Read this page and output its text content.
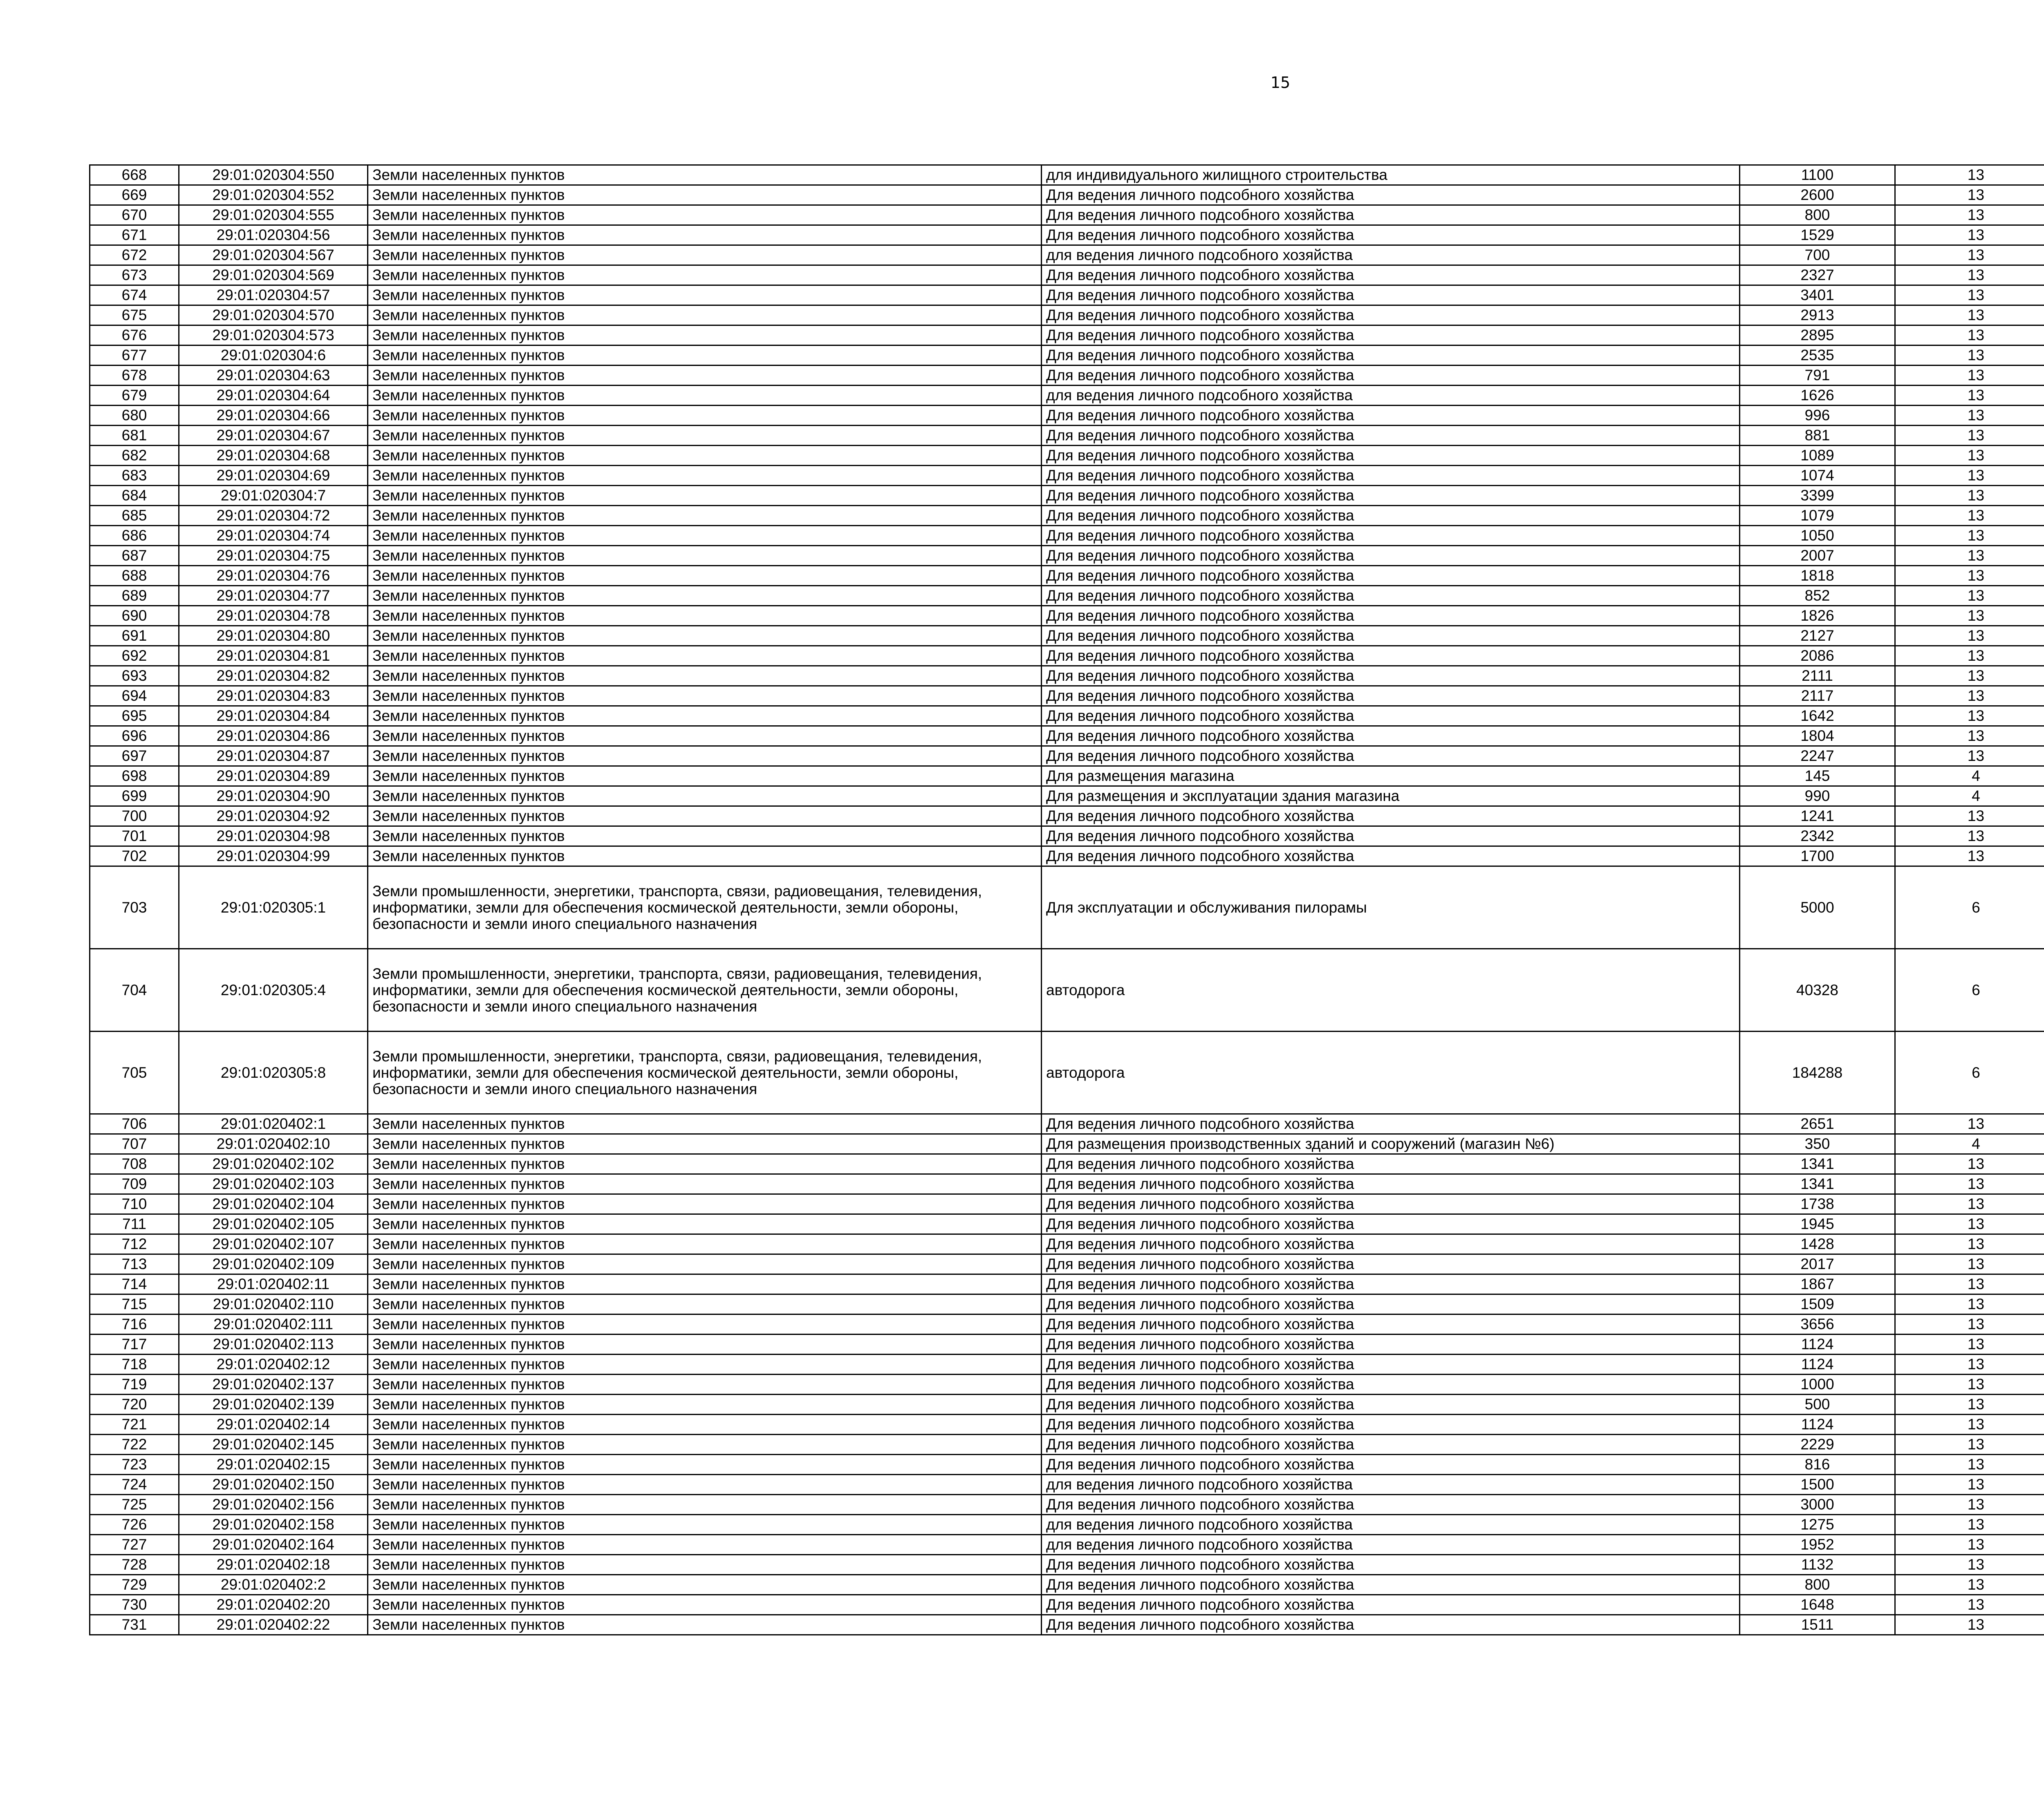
15
668	29:01:020304:550	Земли населенных пунктов	для индивидуального жилищного строительства	1100	13		
669	29:01:020304:552	Земли населенных пунктов	Для ведения личного подсобного хозяйства	2600	13		
670	29:01:020304:555	Земли населенных пунктов	Для ведения личного подсобного хозяйства	800	13		
671	29:01:020304:56	Земли населенных пунктов	Для ведения личного подсобного хозяйства	1529	13		
672	29:01:020304:567	Земли населенных пунктов	для ведения личного подсобного хозяйства	700	13		
673	29:01:020304:569	Земли населенных пунктов	Для ведения личного подсобного хозяйства	2327	13		
674	29:01:020304:57	Земли населенных пунктов	Для ведения личного подсобного хозяйства	3401	13		
675	29:01:020304:570	Земли населенных пунктов	Для ведения личного подсобного хозяйства	2913	13		
676	29:01:020304:573	Земли населенных пунктов	Для ведения личного подсобного хозяйства	2895	13		
677	29:01:020304:6	Земли населенных пунктов	Для ведения личного подсобного хозяйства	2535	13		
678	29:01:020304:63	Земли населенных пунктов	Для ведения личного подсобного хозяйства	791	13		
679	29:01:020304:64	Земли населенных пунктов	для ведения личного подсобного хозяйства	1626	13		
680	29:01:020304:66	Земли населенных пунктов	Для ведения личного подсобного хозяйства	996	13		
681	29:01:020304:67	Земли населенных пунктов	Для ведения личного подсобного хозяйства	881	13		
682	29:01:020304:68	Земли населенных пунктов	Для ведения личного подсобного хозяйства	1089	13		
683	29:01:020304:69	Земли населенных пунктов	Для ведения личного подсобного хозяйства	1074	13		
684	29:01:020304:7	Земли населенных пунктов	Для ведения личного подсобного хозяйства	3399	13		
685	29:01:020304:72	Земли населенных пунктов	Для ведения личного подсобного хозяйства	1079	13		
686	29:01:020304:74	Земли населенных пунктов	Для ведения личного подсобного хозяйства	1050	13		
687	29:01:020304:75	Земли населенных пунктов	Для ведения личного подсобного хозяйства	2007	13		
688	29:01:020304:76	Земли населенных пунктов	Для ведения личного подсобного хозяйства	1818	13		
689	29:01:020304:77	Земли населенных пунктов	Для ведения личного подсобного хозяйства	852	13		
690	29:01:020304:78	Земли населенных пунктов	Для ведения личного подсобного хозяйства	1826	13		
691	29:01:020304:80	Земли населенных пунктов	Для ведения личного подсобного хозяйства	2127	13		
692	29:01:020304:81	Земли населенных пунктов	Для ведения личного подсобного хозяйства	2086	13		
693	29:01:020304:82	Земли населенных пунктов	Для ведения личного подсобного хозяйства	2111	13		
694	29:01:020304:83	Земли населенных пунктов	Для ведения личного подсобного хозяйства	2117	13		
695	29:01:020304:84	Земли населенных пунктов	Для ведения личного подсобного хозяйства	1642	13		
696	29:01:020304:86	Земли населенных пунктов	Для ведения личного подсобного хозяйства	1804	13		
697	29:01:020304:87	Земли населенных пунктов	Для ведения личного подсобного хозяйства	2247	13		
698	29:01:020304:89	Земли населенных пунктов	Для размещения магазина	145	4		
699	29:01:020304:90	Земли населенных пунктов	Для размещения и эксплуатации здания магазина	990	4		
700	29:01:020304:92	Земли населенных пунктов	Для ведения личного подсобного хозяйства	1241	13		
701	29:01:020304:98	Земли населенных пунктов	Для ведения личного подсобного хозяйства	2342	13		
702	29:01:020304:99	Земли населенных пунктов	Для ведения личного подсобного хозяйства	1700	13		
703	29:01:020305:1	Земли промышленности, энергетики, транспорта, связи, радиовещания, телевидения, информатики, земли для обеспечения космической деятельности, земли обороны, безопасности и земли иного специального назначения	Для эксплуатации и обслуживания пилорамы	5000	6		
704	29:01:020305:4	Земли промышленности, энергетики, транспорта, связи, радиовещания, телевидения, информатики, земли для обеспечения космической деятельности, земли обороны, безопасности и земли иного специального назначения	автодорога	40328	6		
705	29:01:020305:8	Земли промышленности, энергетики, транспорта, связи, радиовещания, телевидения, информатики, земли для обеспечения космической деятельности, земли обороны, безопасности и земли иного специального назначения	автодорога	184288	6		
706	29:01:020402:1	Земли населенных пунктов	Для ведения личного подсобного хозяйства	2651	13		
707	29:01:020402:10	Земли населенных пунктов	Для размещения производственных зданий и сооружений (магазин №6)	350	4		
708	29:01:020402:102	Земли населенных пунктов	Для ведения личного подсобного хозяйства	1341	13		
709	29:01:020402:103	Земли населенных пунктов	Для ведения личного подсобного хозяйства	1341	13		
710	29:01:020402:104	Земли населенных пунктов	Для ведения личного подсобного хозяйства	1738	13		
711	29:01:020402:105	Земли населенных пунктов	Для ведения личного подсобного хозяйства	1945	13		
712	29:01:020402:107	Земли населенных пунктов	Для ведения личного подсобного хозяйства	1428	13		
713	29:01:020402:109	Земли населенных пунктов	Для ведения личного подсобного хозяйства	2017	13		
714	29:01:020402:11	Земли населенных пунктов	Для ведения личного подсобного хозяйства	1867	13		
715	29:01:020402:110	Земли населенных пунктов	Для ведения личного подсобного хозяйства	1509	13		
716	29:01:020402:111	Земли населенных пунктов	Для ведения личного подсобного хозяйства	3656	13		
717	29:01:020402:113	Земли населенных пунктов	Для ведения личного подсобного хозяйства	1124	13		
718	29:01:020402:12	Земли населенных пунктов	Для ведения личного подсобного хозяйства	1124	13		
719	29:01:020402:137	Земли населенных пунктов	Для ведения личного подсобного хозяйства	1000	13		
720	29:01:020402:139	Земли населенных пунктов	Для ведения личного подсобного хозяйства	500	13		
721	29:01:020402:14	Земли населенных пунктов	Для ведения личного подсобного хозяйства	1124	13		
722	29:01:020402:145	Земли населенных пунктов	Для ведения личного подсобного хозяйства	2229	13		
723	29:01:020402:15	Земли населенных пунктов	Для ведения личного подсобного хозяйства	816	13		
724	29:01:020402:150	Земли населенных пунктов	для ведения личного подсобного хозяйства	1500	13		
725	29:01:020402:156	Земли населенных пунктов	Для ведения личного подсобного хозяйства	3000	13		
726	29:01:020402:158	Земли населенных пунктов	для ведения личного подсобного хозяйства	1275	13		
727	29:01:020402:164	Земли населенных пунктов	для ведения личного подсобного хозяйства	1952	13		
728	29:01:020402:18	Земли населенных пунктов	Для ведения личного подсобного хозяйства	1132	13		
729	29:01:020402:2	Земли населенных пунктов	Для ведения личного подсобного хозяйства	800	13		
730	29:01:020402:20	Земли населенных пунктов	Для ведения личного подсобного хозяйства	1648	13		
731	29:01:020402:22	Земли населенных пунктов	Для ведения личного подсобного хозяйства	1511	13		
